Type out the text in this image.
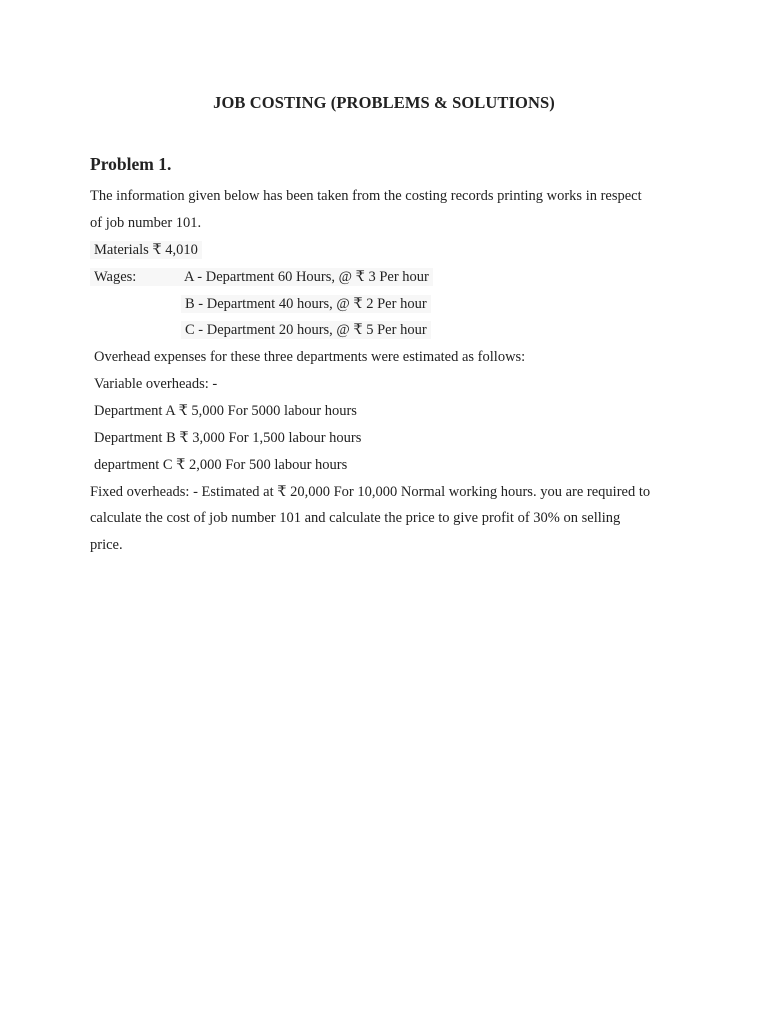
JOB COSTING (PROBLEMS & SOLUTIONS)
Problem 1.
The information given below has been taken from the costing records printing works in respect
of job number 101.
Materials ₹ 4,010
Wages:	A - Department 60 Hours, @ ₹ 3 Per hour
B - Department 40 hours, @ ₹ 2 Per hour
C - Department 20 hours, @ ₹ 5 Per hour
Overhead expenses for these three departments were estimated as follows:
Variable overheads: -
Department A ₹ 5,000 For 5000 labour hours
Department B ₹ 3,000 For 1,500 labour hours
department C ₹ 2,000 For 500 labour hours
Fixed overheads: - Estimated at ₹ 20,000 For 10,000 Normal working hours. you are required to
calculate the cost of job number 101 and calculate the price to give profit of 30% on selling
price.
